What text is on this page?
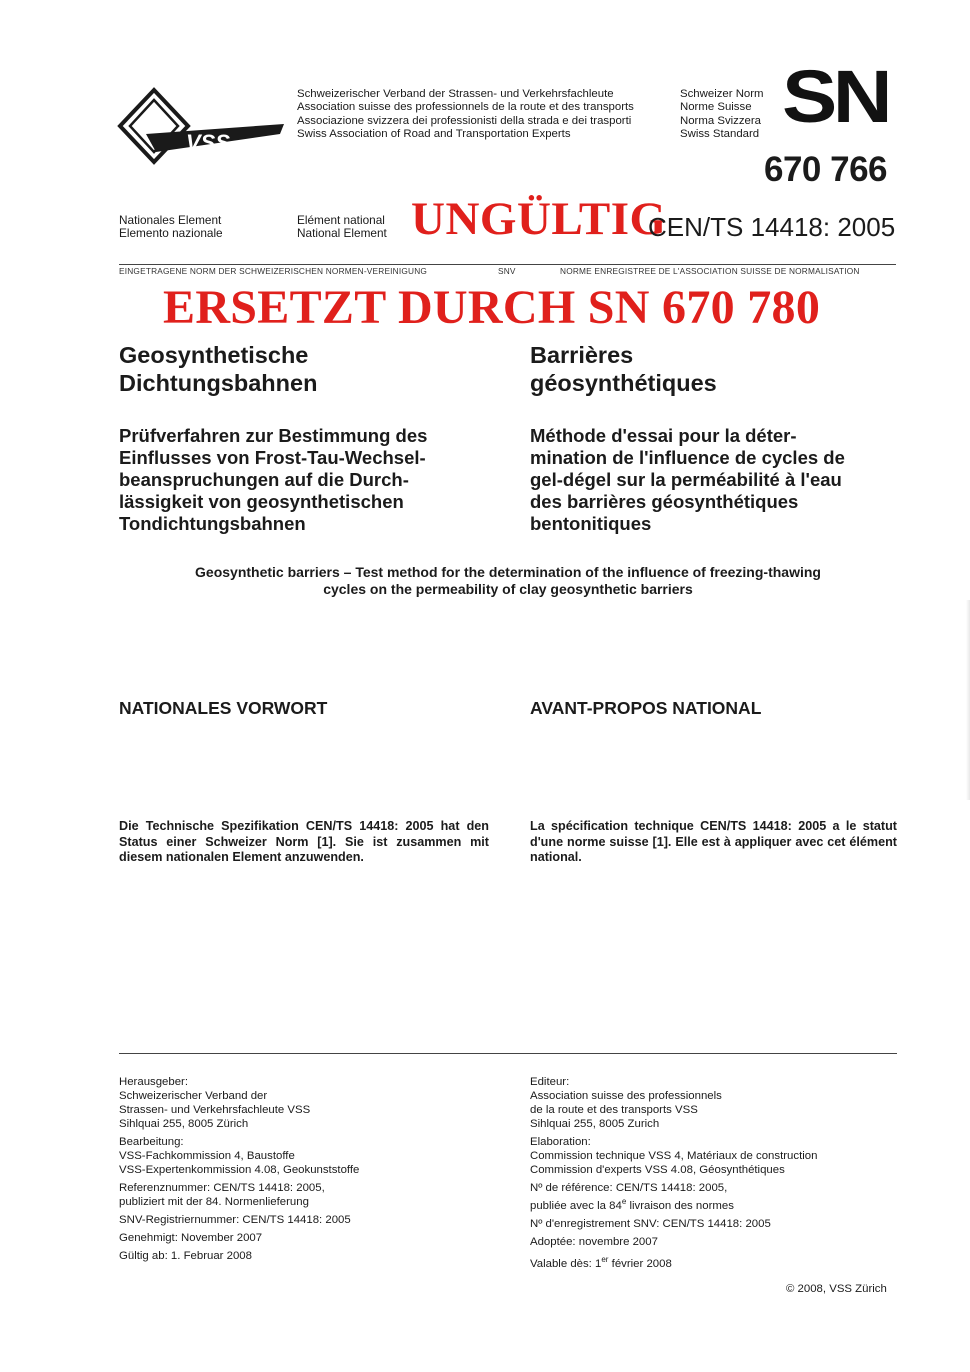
VSS
Schweizerischer Verband der Strassen- und Verkehrsfachleute
Association suisse des professionnels de la route et des transports
Associazione svizzera dei professionisti della strada e dei trasporti
Swiss Association of Road and Transportation Experts
Schweizer Norm
Norme Suisse
Norma Svizzera
Swiss Standard SN
670 766
Nationales Element
Elemento nazionale
Elément national
National Element UNGÜLTIG
CEN/TS 14418: 2005
EINGETRAGENE NORM DER SCHWEIZERISCHEN NORMEN-VEREINIGUNG	SNV	NORME ENREGISTREE DE L'ASSOCIATION SUISSE DE NORMALISATION
ERSETZT DURCH SN 670 780
Geosynthetische
Dichtungsbahnen
Barrières
géosynthétiques
Prüfverfahren zur Bestimmung des
Einflusses von Frost-Tau-Wechsel-
beanspruchungen auf die Durch-
lässigkeit von geosynthetischen
Tondichtungsbahnen
Méthode d'essai pour la déter-
mination de l'influence de cycles de
gel-dégel sur la perméabilité à l'eau
des barrières géosynthétiques
bentonitiques
Geosynthetic barriers – Test method for the determination of the influence of freezing-thawing
cycles on the permeability of clay geosynthetic barriers
NATIONALES VORWORT	AVANT-PROPOS NATIONAL
Die Technische Spezifikation CEN/TS 14418: 2005 hat den Status einer Schweizer Norm [1]. Sie ist zusammen mit diesem nationalen Element anzuwenden.
La spécification technique CEN/TS 14418: 2005 a le statut d'une norme suisse [1]. Elle est à appliquer avec cet élément national.
Herausgeber:
Schweizerischer Verband der
Strassen- und Verkehrsfachleute VSS
Sihlquai 255, 8005 Zürich
Bearbeitung:
VSS-Fachkommission 4, Baustoffe
VSS-Expertenkommission 4.08, Geokunststoffe
Referenznummer: CEN/TS 14418: 2005,
publiziert mit der 84. Normenlieferung
SNV-Registriernummer: CEN/TS 14418: 2005
Genehmigt: November 2007
Gültig ab: 1. Februar 2008
Editeur:
Association suisse des professionnels
de la route et des transports VSS
Sihlquai 255, 8005 Zurich
Elaboration:
Commission technique VSS 4, Matériaux de construction
Commission d'experts VSS 4.08, Géosynthétiques
Nº de référence: CEN/TS 14418: 2005,
publiée avec la 84e livraison des normes
Nº d'enregistrement SNV: CEN/TS 14418: 2005
Adoptée: novembre 2007
Valable dès: 1er février 2008
© 2008, VSS Zürich
